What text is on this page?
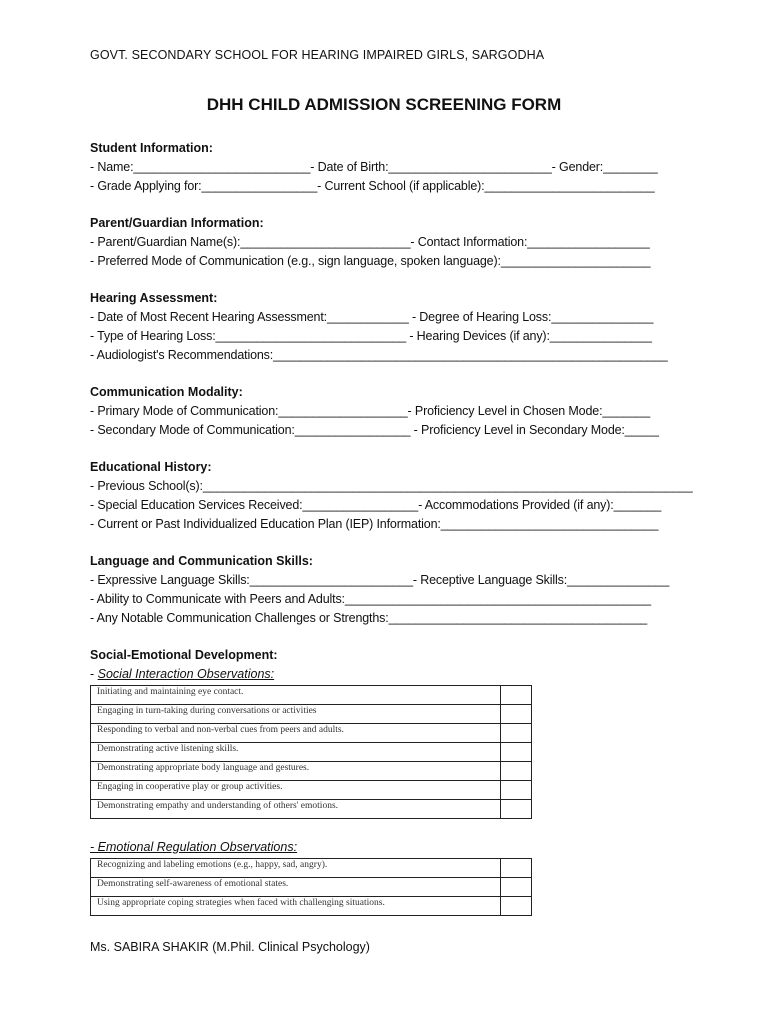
GOVT. SECONDARY SCHOOL FOR HEARING IMPAIRED GIRLS, SARGODHA
DHH CHILD ADMISSION SCREENING FORM
Student Information:
- Name:__________________________- Date of Birth:________________________- Gender:________
- Grade Applying for:_________________- Current School (if applicable):_________________________
Parent/Guardian Information:
- Parent/Guardian Name(s):_________________________- Contact Information:__________________
- Preferred Mode of Communication (e.g., sign language, spoken language):______________________
Hearing Assessment:
- Date of Most Recent Hearing Assessment:____________ - Degree of Hearing Loss:_______________
- Type of Hearing Loss:____________________________ - Hearing Devices (if any):_______________
- Audiologist's Recommendations:__________________________________________________________
Communication Modality:
- Primary Mode of Communication:___________________- Proficiency Level in Chosen Mode:_______
- Secondary Mode of Communication:_________________ - Proficiency Level in Secondary Mode:_____
Educational History:
- Previous School(s):________________________________________________________________________
- Special Education Services Received:_________________- Accommodations Provided (if any):_______
- Current or Past Individualized Education Plan (IEP) Information:________________________________
Language and Communication Skills:
- Expressive Language Skills:________________________- Receptive Language Skills:_______________
- Ability to Communicate with Peers and Adults:_____________________________________________
- Any Notable Communication Challenges or Strengths:______________________________________
Social-Emotional Development:
- Social Interaction Observations:
Initiating and maintaining eye contact.	
Engaging in turn-taking during conversations or activities	
Responding to verbal and non-verbal cues from peers and adults.	
Demonstrating active listening skills.	
Demonstrating appropriate body language and gestures.	
Engaging in cooperative play or group activities.	
Demonstrating empathy and understanding of others' emotions.	
- Emotional Regulation Observations:
Recognizing and labeling emotions (e.g., happy, sad, angry).	
Demonstrating self-awareness of emotional states.	
Using appropriate coping strategies when faced with challenging situations.	
Ms. SABIRA SHAKIR (M.Phil. Clinical Psychology)
